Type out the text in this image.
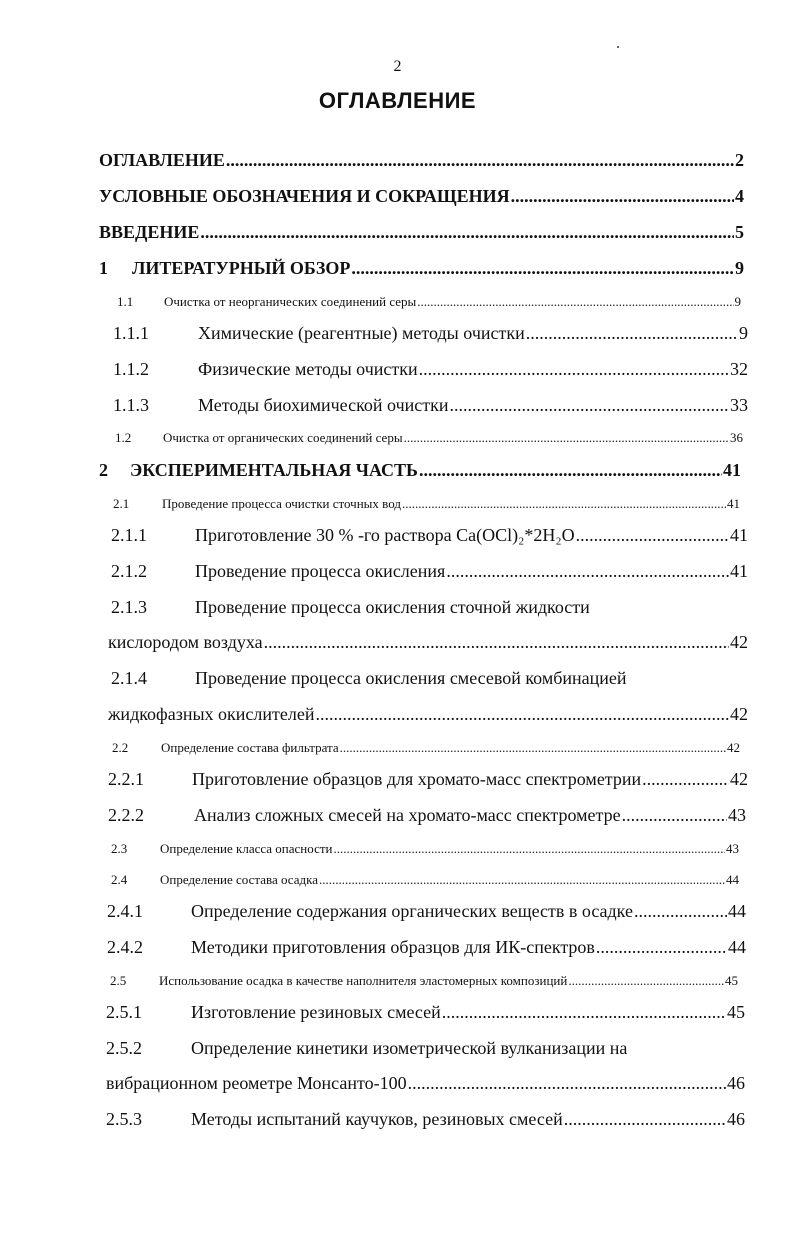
2
ОГЛАВЛЕНИЕ
ОГЛАВЛЕНИЕ .....	2
УСЛОВНЫЕ ОБОЗНАЧЕНИЯ И СОКРАЩЕНИЯ .....	4
ВВЕДЕНИЕ .....	5
1	ЛИТЕРАТУРНЫЙ ОБЗОР .....	9
1.1	Очистка от неорганических соединений серы .....	9
1.1.1	Химические (реагентные) методы очистки .....	9
1.1.2	Физические методы очистки .....	32
1.1.3	Методы биохимической очистки .....	33
1.2	Очистка от органических соединений серы .....	36
2	ЭКСПЕРИМЕНТАЛЬНАЯ ЧАСТЬ .....	41
2.1	Проведение процесса очистки сточных вод .....	41
2.1.1	Приготовление 30 % -го раствора Ca(OCl)₂*2H₂O .....	41
2.1.2	Проведение процесса окисления .....	41
2.1.3	Проведение процесса окисления сточной жидкости
кислородом воздуха .....	42
2.1.4	Проведение процесса окисления смесевой комбинацией
жидкофазных окислителей .....	42
2.2	Определение состава фильтрата .....	42
2.2.1	Приготовление образцов для хромато-масс спектрометрии .....	42
2.2.2	Анализ сложных смесей на хромато-масс спектрометре .....	43
2.3	Определение класса опасности .....	43
2.4	Определение состава осадка .....	44
2.4.1	Определение содержания органических веществ в осадке .....	44
2.4.2	Методики приготовления образцов для ИК-спектров .....	44
2.5	Использование осадка в качестве наполнителя эластомерных композиций .....	45
2.5.1	Изготовление резиновых смесей .....	45
2.5.2	Определение кинетики изометрической вулканизации на
вибрационном реометре Монсанто-100 .....	46
2.5.3	Методы испытаний каучуков, резиновых смесей .....	46
